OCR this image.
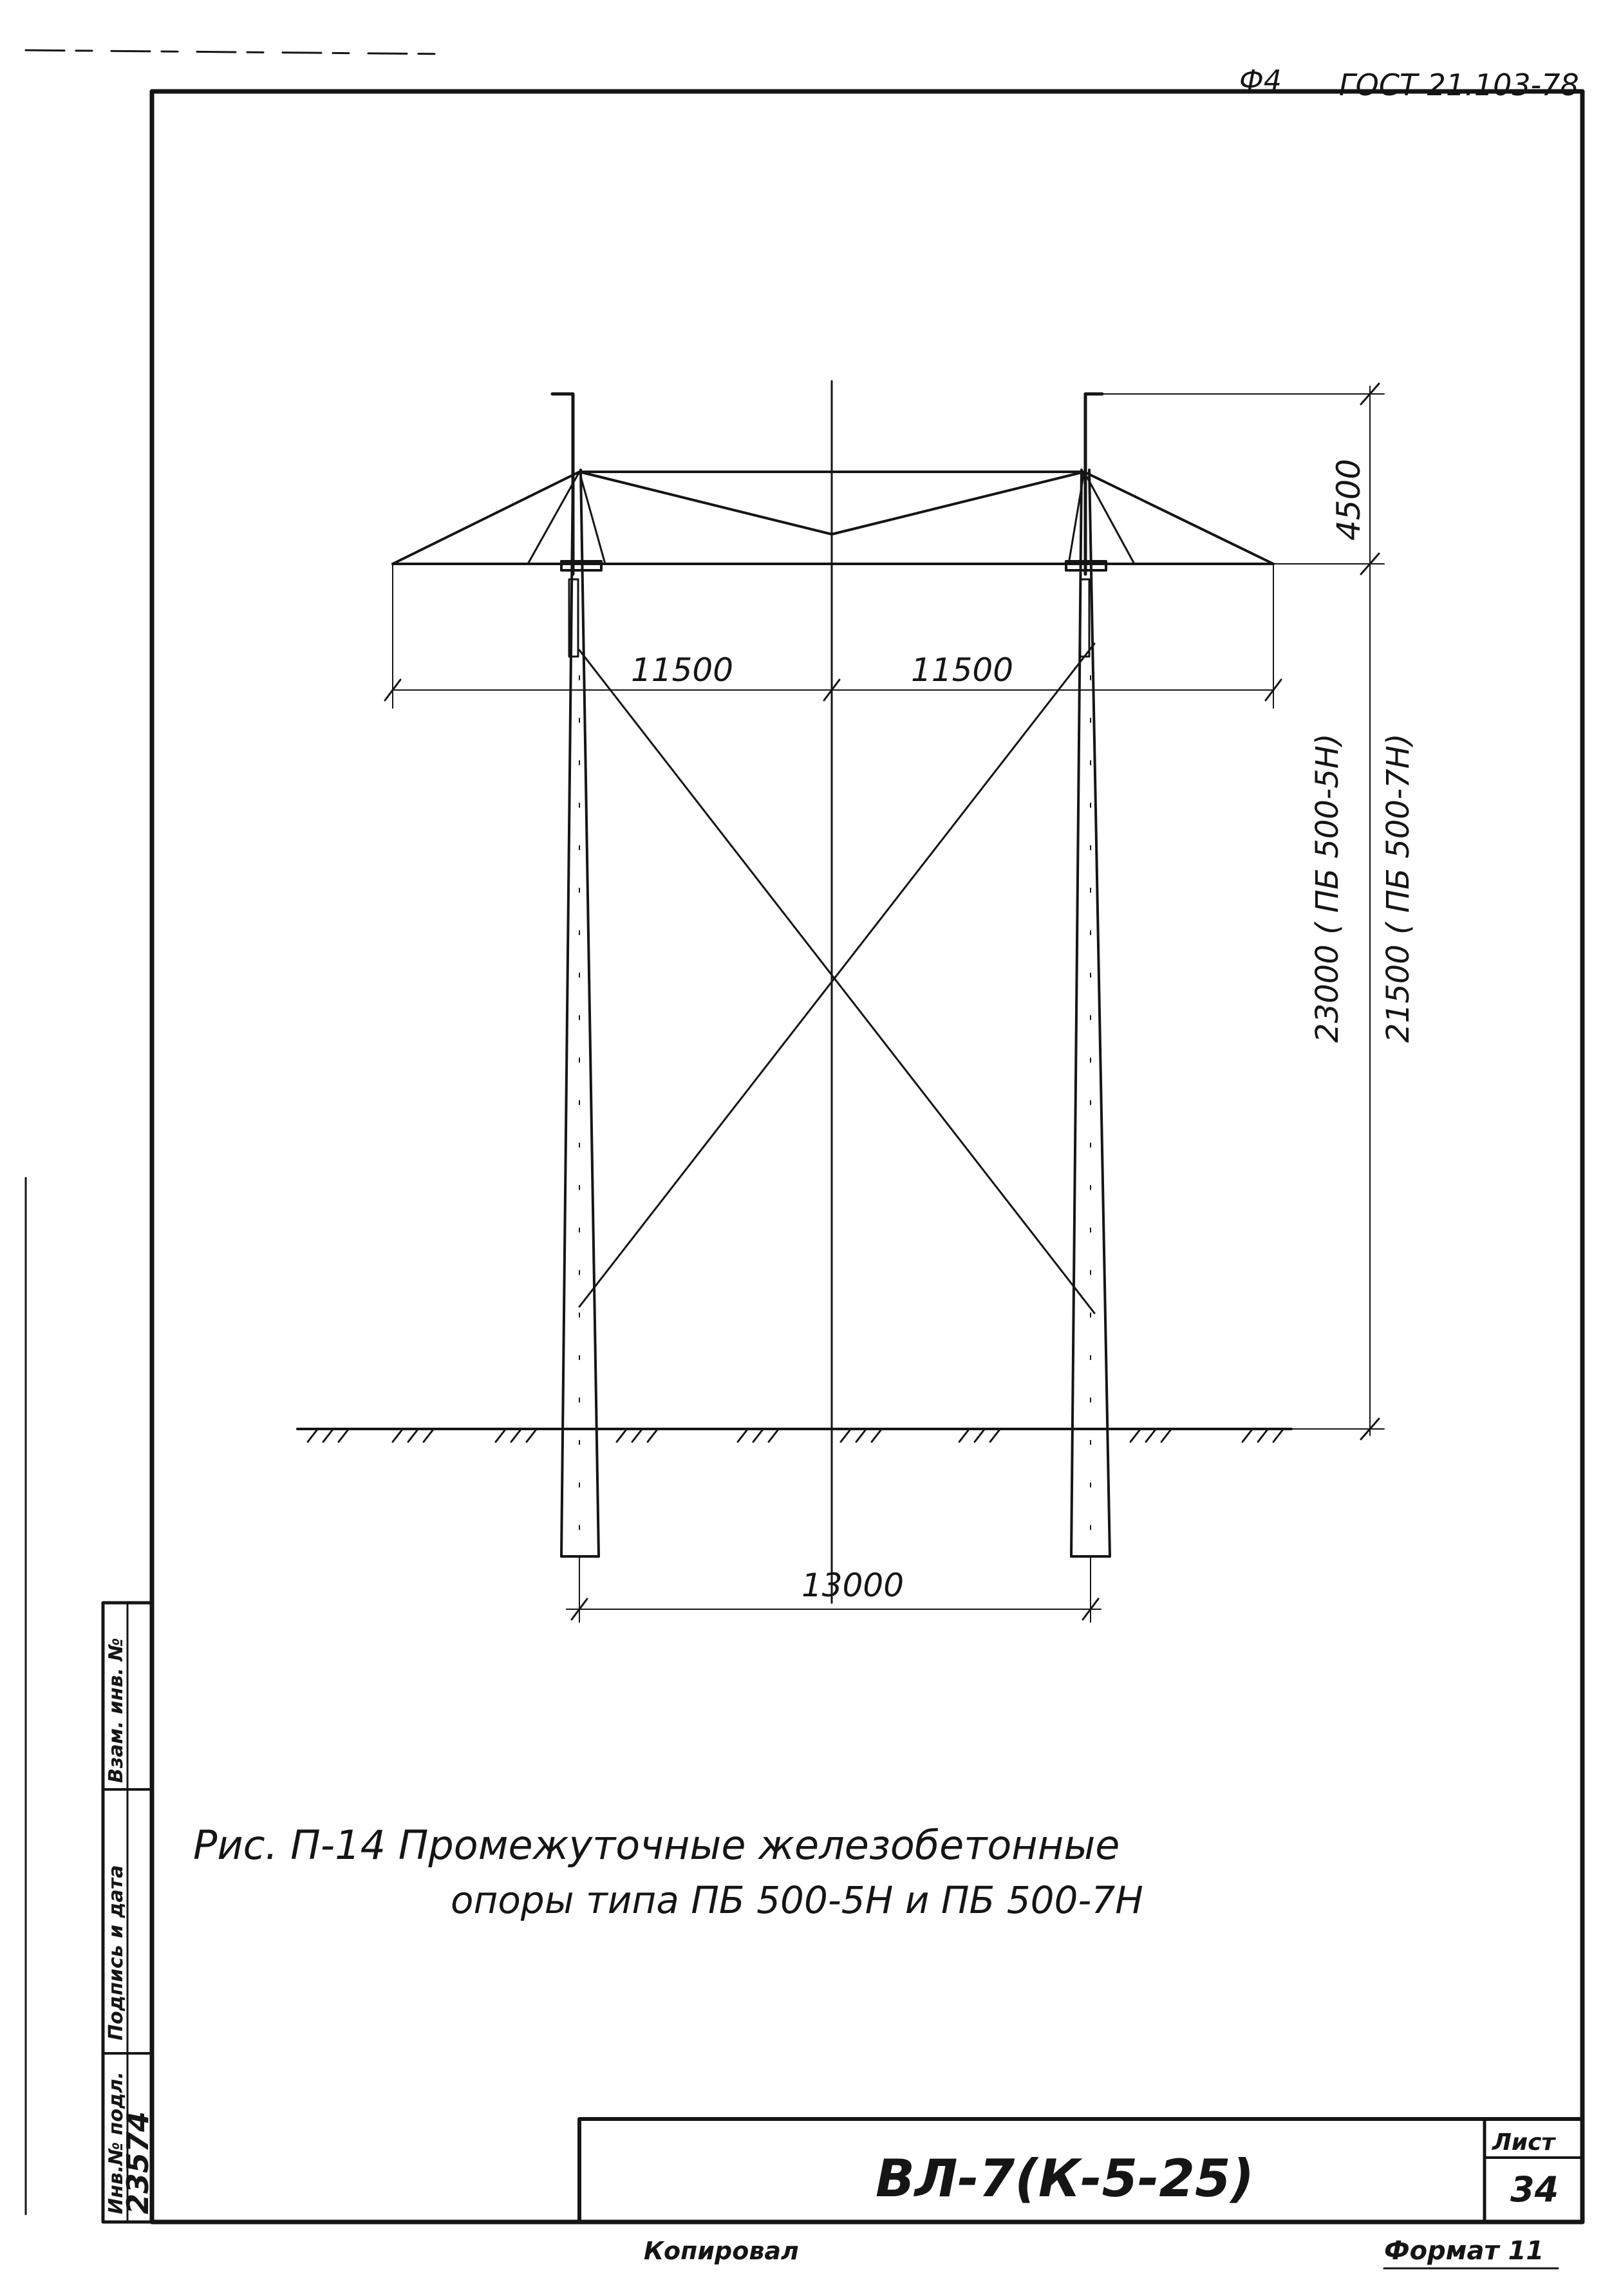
Ф4 ГОСТ 21.103-78
11500	11500
4500
23000 ( ПБ 500-5Н) 21500 ( ПБ 500-7Н)
13000
Рис. П-14 Промежуточные железобетонные
опоры типа ПБ 500-5Н и ПБ 500-7Н
Инв.№ подл.
23574
Подпись и дата
Взам. инв. №
ВЛ-7(К-5-25)
Лист
34
Копировал	Формат 11
